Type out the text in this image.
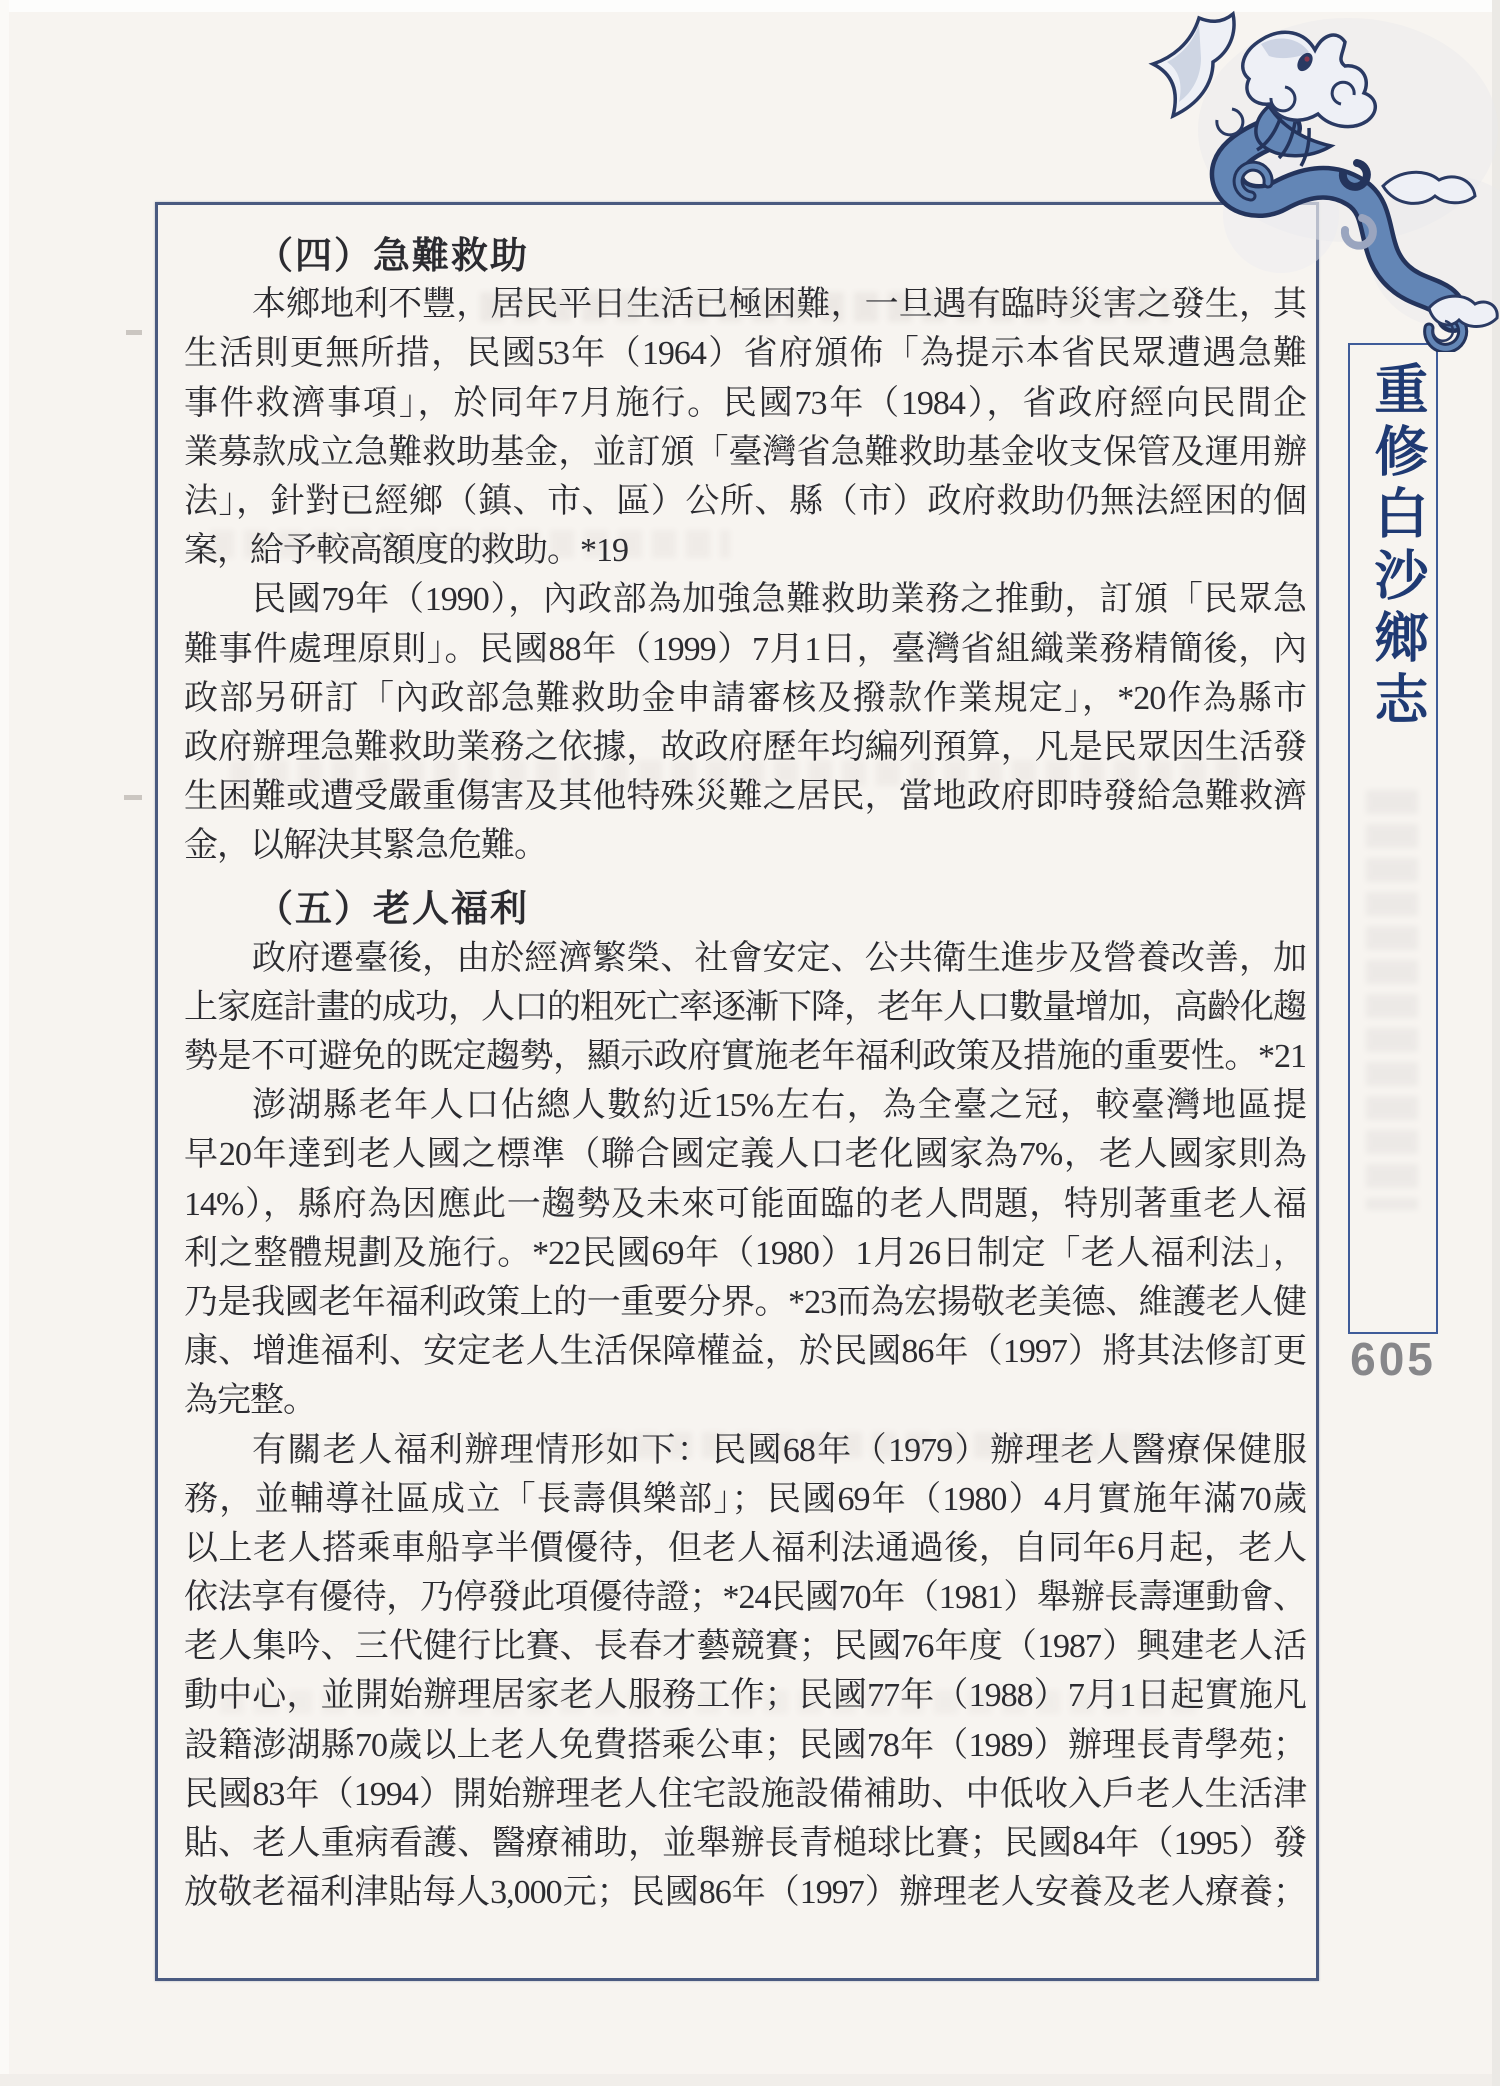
（四）急難救助
本鄉地利不豐，居民平日生活已極困難，一旦遇有臨時災害之發生，其
生活則更無所措，民國53年（1964）省府頒佈「為提示本省民眾遭遇急難
事件救濟事項」，於同年7月施行。民國73年（1984），省政府經向民間企
業募款成立急難救助基金，並訂頒「臺灣省急難救助基金收支保管及運用辦
法」，針對已經鄉（鎮、市、區）公所、縣（市）政府救助仍無法經困的個
案，給予較高額度的救助。*19
民國79年（1990），內政部為加強急難救助業務之推動，訂頒「民眾急
難事件處理原則」。民國88年（1999）7月1日，臺灣省組織業務精簡後，內
政部另研訂「內政部急難救助金申請審核及撥款作業規定」，*20作為縣市
政府辦理急難救助業務之依據，故政府歷年均編列預算，凡是民眾因生活發
生困難或遭受嚴重傷害及其他特殊災難之居民，當地政府即時發給急難救濟
金，以解決其緊急危難。
（五）老人福利
政府遷臺後，由於經濟繁榮、社會安定、公共衛生進步及營養改善，加
上家庭計畫的成功，人口的粗死亡率逐漸下降，老年人口數量增加，高齡化趨
勢是不可避免的既定趨勢，顯示政府實施老年福利政策及措施的重要性。*21
澎湖縣老年人口佔總人數約近15%左右，為全臺之冠，較臺灣地區提
早20年達到老人國之標準（聯合國定義人口老化國家為7%，老人國家則為
14%），縣府為因應此一趨勢及未來可能面臨的老人問題，特別著重老人福
利之整體規劃及施行。*22民國69年（1980）1月26日制定「老人福利法」，
乃是我國老年福利政策上的一重要分界。*23而為宏揚敬老美德、維護老人健
康、增進福利、安定老人生活保障權益，於民國86年（1997）將其法修訂更
為完整。
有關老人福利辦理情形如下：民國68年（1979）辦理老人醫療保健服
務，並輔導社區成立「長壽俱樂部」；民國69年（1980）4月實施年滿70歲
以上老人搭乘車船享半價優待，但老人福利法通過後，自同年6月起，老人
依法享有優待，乃停發此項優待證；*24民國70年（1981）舉辦長壽運動會、
老人集吟、三代健行比賽、長春才藝競賽；民國76年度（1987）興建老人活
動中心，並開始辦理居家老人服務工作；民國77年（1988）7月1日起實施凡
設籍澎湖縣70歲以上老人免費搭乘公車；民國78年（1989）辦理長青學苑；
民國83年（1994）開始辦理老人住宅設施設備補助、中低收入戶老人生活津
貼、老人重病看護、醫療補助，並舉辦長青槌球比賽；民國84年（1995）發
放敬老福利津貼每人3,000元；民國86年（1997）辦理老人安養及老人療養；
重修白沙鄉志
605
